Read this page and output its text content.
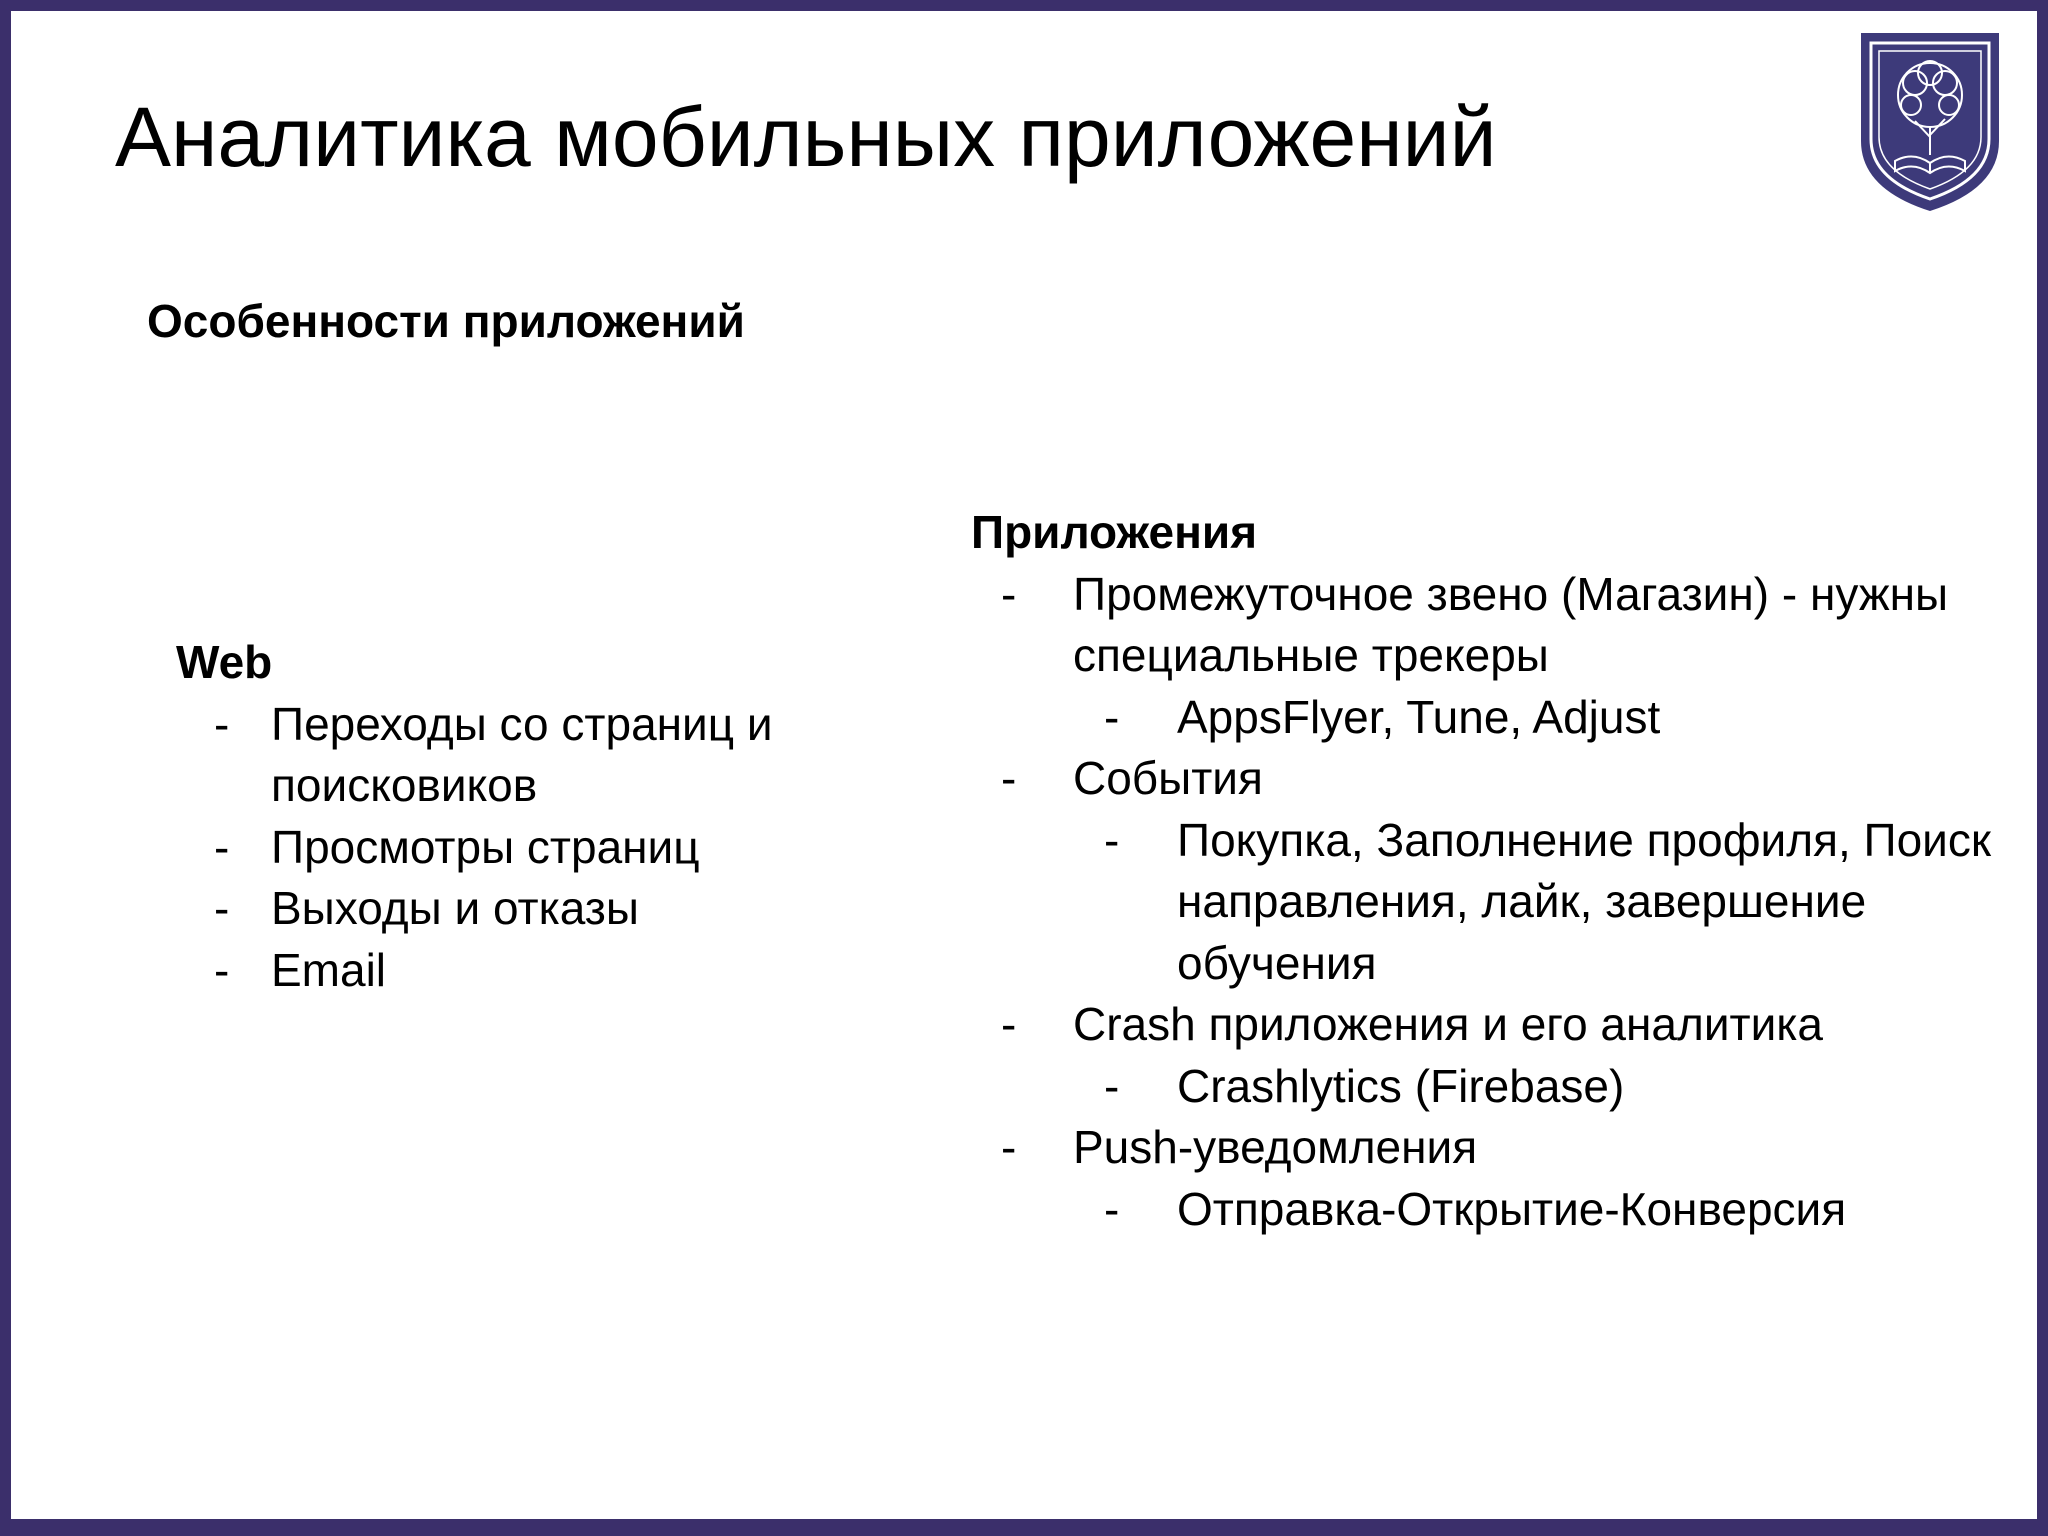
Аналитика мобильных приложений
Особенности приложений
Web
- Переходы со страниц и поисковиков
- Просмотры страниц
- Выходы и отказы
- Email
Приложения
- Промежуточное звено (Магазин) - нужны специальные трекеры
- AppsFlyer, Tune, Adjust
- События
- Покупка, Заполнение профиля, Поиск направления, лайк, завершение обучения
- Crash приложения и его аналитика
- Crashlytics (Firebase)
- Push-уведомления
- Отправка-Открытие-Конверсия
